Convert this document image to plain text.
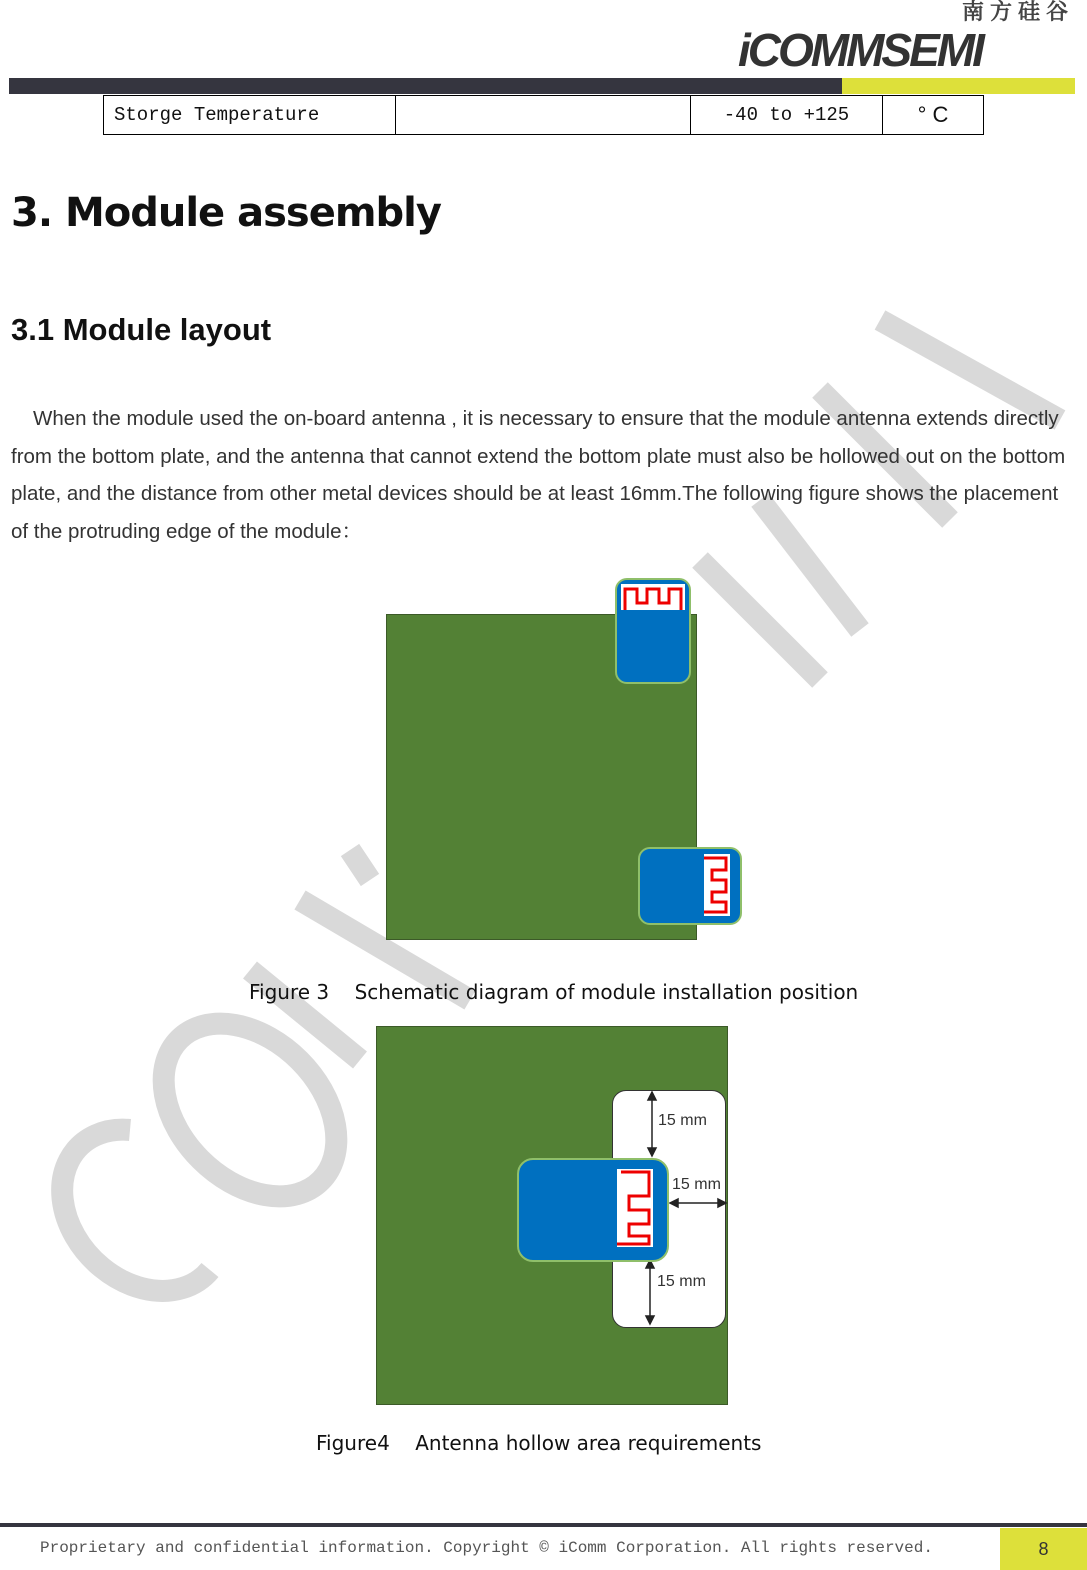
南方硅谷
iCOMMSEMI
Storge Temperature		-40 to +125	° C
3. Module assembly
3.1 Module layout
When the module used the on-board antenna , it is necessary to ensure that the module antenna extends directly from the bottom plate, and the antenna that cannot extend the bottom plate must also be hollowed out on the bottom plate, and the distance from other metal devices should be at least 16mm.The following figure shows the placement of the protruding edge of the module：
Figure 3 Schematic diagram of module installation position
15 mm
15 mm
15 mm
Figure4 Antenna hollow area requirements
Proprietary and confidential information. Copyright © iComm Corporation. All rights reserved.	8
